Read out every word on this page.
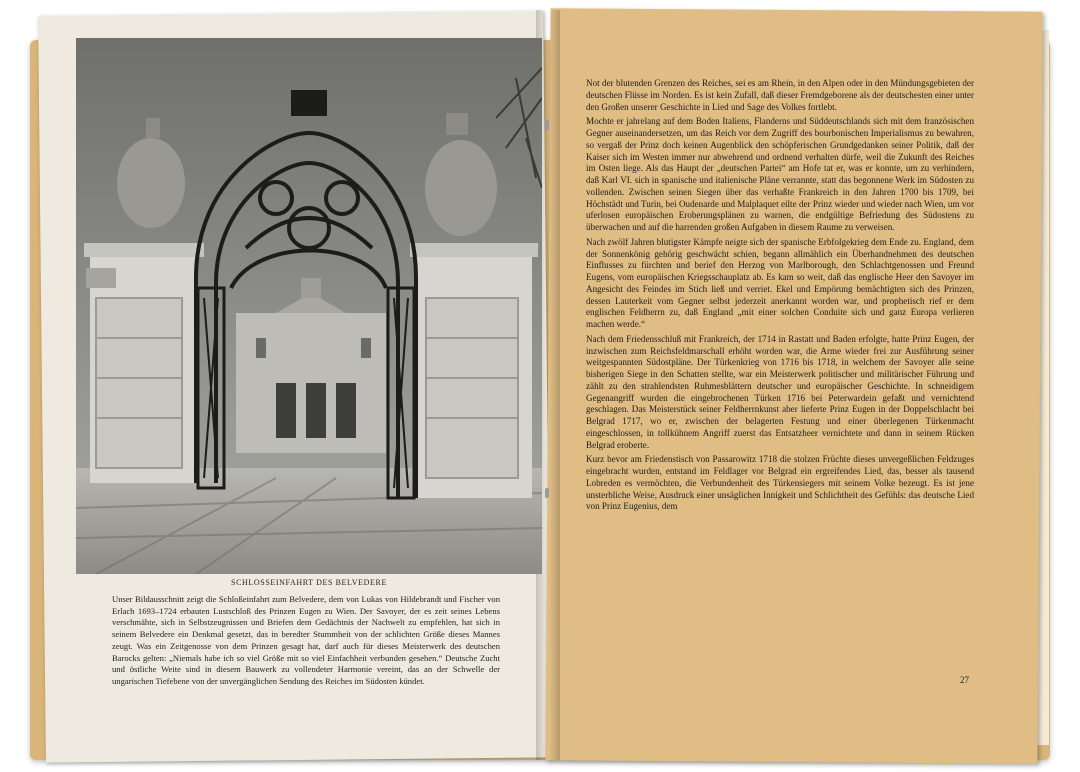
SCHLOSSEINFAHRT DES BELVEDERE
Unser Bildausschnitt zeigt die Schloßeinfahrt zum Belvedere, dem von Lukas von Hildebrandt und Fischer von Erlach 1693–1724 erbauten Lustschloß des Prinzen Eugen zu Wien. Der Savoyer, der es zeit seines Lebens verschmähte, sich in Selbstzeugnissen und Briefen dem Gedächtnis der Nachwelt zu empfehlen, hat sich in seinem Belvedere ein Denkmal gesetzt, das in beredter Stummheit von der schlichten Größe dieses Mannes zeugt. Was ein Zeitgenosse von dem Prinzen gesagt hat, darf auch für dieses Meisterwerk des deutschen Barocks gelten: „Niemals habe ich so viel Größe mit so viel Einfachheit verbunden gesehen.“ Deutsche Zucht und östliche Weite sind in diesem Bauwerk zu vollendeter Harmonie vereint, das an der Schwelle der ungarischen Tiefebene von der unvergänglichen Sendung des Reiches im Südosten kündet.

Not der blutenden Grenzen des Reiches, sei es am Rhein, in den Alpen oder in den Mündungsgebieten der deutschen Flüsse im Norden. Es ist kein Zufall, daß dieser Fremdgeborene als der deutschesten einer unter den Großen unserer Geschichte in Lied und Sage des Volkes fortlebt.

Mochte er jahrelang auf dem Boden Italiens, Flanderns und Süddeutschlands sich mit dem französischen Gegner auseinandersetzen, um das Reich vor dem Zugriff des bourbonischen Imperialismus zu bewahren, so vergaß der Prinz doch keinen Augenblick den schöpferischen Grundgedanken seiner Politik, daß der Kaiser sich im Westen immer nur abwehrend und ordnend verhalten dürfe, weil die Zukunft des Reiches im Osten liege. Als das Haupt der „deutschen Partei“ am Hofe tat er, was er konnte, um zu verhindern, daß Karl VI. sich in spanische und italienische Pläne verrannte, statt das begonnene Werk im Südosten zu vollenden. Zwischen seinen Siegen über das verhaßte Frankreich in den Jahren 1700 bis 1709, bei Höchstädt und Turin, bei Oudenarde und Malplaquet eilte der Prinz wieder und wieder nach Wien, um vor uferlosen europäischen Eroberungsplänen zu warnen, die endgültige Befriedung des Südostens zu überwachen und auf die harrenden großen Aufgaben in diesem Raume zu verweisen.

Nach zwölf Jahren blutigster Kämpfe neigte sich der spanische Erbfolgekrieg dem Ende zu. England, dem der Sonnenkönig gehörig geschwächt schien, begann allmählich ein Überhandnehmen des deutschen Einflusses zu fürchten und berief den Herzog von Marlborough, den Schlachtgenossen und Freund Eugens, vom europäischen Kriegsschauplatz ab. Es kam so weit, daß das englische Heer den Savoyer im Angesicht des Feindes im Stich ließ und verriet. Ekel und Empörung bemächtigten sich des Prinzen, dessen Lauterkeit vom Gegner selbst jederzeit anerkannt worden war, und prophetisch rief er dem englischen Feldherrn zu, daß England „mit einer solchen Conduite sich und ganz Europa verlieren machen werde.“

Nach dem Friedensschluß mit Frankreich, der 1714 in Rastatt und Baden erfolgte, hatte Prinz Eugen, der inzwischen zum Reichsfeldmarschall erhöht worden war, die Arme wieder frei zur Ausführung seiner weitgespannten Südostpläne. Der Türkenkrieg von 1716 bis 1718, in welchem der Savoyer alle seine bisherigen Siege in den Schatten stellte, war ein Meisterwerk politischer und militärischer Führung und zählt zu den strahlendsten Ruhmesblättern deutscher und europäischer Geschichte. In schneidigem Gegenangriff wurden die eingebrochenen Türken 1716 bei Peterwardein gefaßt und vernichtend geschlagen. Das Meisterstück seiner Feldherrnkunst aber lieferte Prinz Eugen in der Doppelschlacht bei Belgrad 1717, wo er, zwischen der belagerten Festung und einer überlegenen Türkenmacht eingeschlossen, in tollkühnem Angriff zuerst das Entsatzheer vernichtete und dann in seinem Rücken Belgrad eroberte.

Kurz bevor am Friedenstisch von Passarowitz 1718 die stolzen Früchte dieses unvergeßlichen Feldzuges eingebracht wurden, entstand im Feldlager vor Belgrad ein ergreifendes Lied, das, besser als tausend Lobreden es vermöchten, die Verbundenheit des Türkensiegers mit seinem Volke bezeugt. Es ist jene unsterbliche Weise, Ausdruck einer unsäglichen Innigkeit und Schlichtheit des Gefühls: das deutsche Lied von Prinz Eugenius, dem

27
